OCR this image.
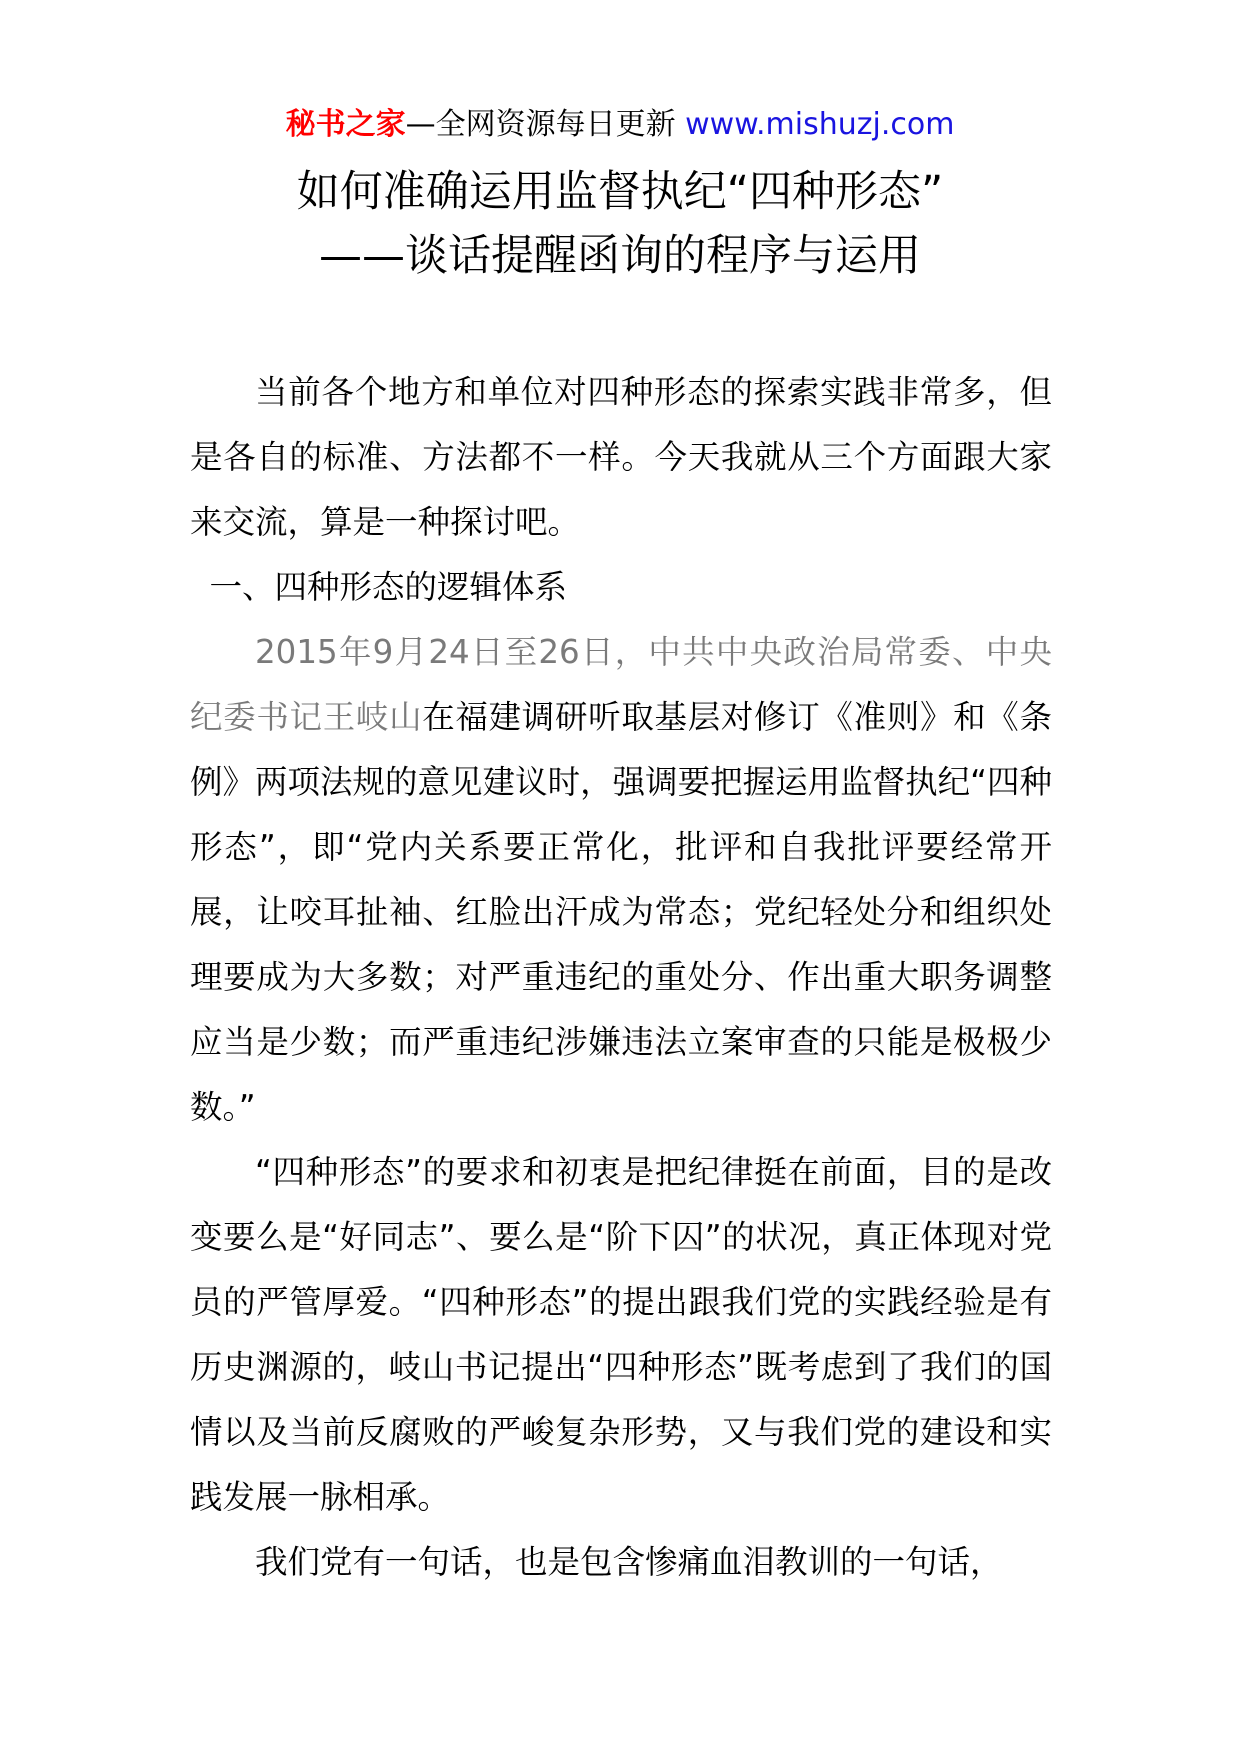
秘书之家—全网资源每日更新 www.mishuzj.com
如何准确运用监督执纪“四种形态”
——谈话提醒函询的程序与运用

当前各个地方和单位对四种形态的探索实践非常多，但是各自的标准、方法都不一样。今天我就从三个方面跟大家来交流，算是一种探讨吧。

一、四种形态的逻辑体系

2015年9月24日至26日，中共中央政治局常委、中央纪委书记王岐山在福建调研听取基层对修订《准则》和《条例》两项法规的意见建议时，强调要把握运用监督执纪“四种形态”，即“党内关系要正常化，批评和自我批评要经常开展，让咬耳扯袖、红脸出汗成为常态；党纪轻处分和组织处理要成为大多数；对严重违纪的重处分、作出重大职务调整应当是少数；而严重违纪涉嫌违法立案审查的只能是极极少数。”

“四种形态”的要求和初衷是把纪律挺在前面，目的是改变要么是“好同志”、要么是“阶下囚”的状况，真正体现对党员的严管厚爱。“四种形态”的提出跟我们党的实践经验是有历史渊源的，岐山书记提出“四种形态”既考虑到了我们的国情以及当前反腐败的严峻复杂形势，又与我们党的建设和实践发展一脉相承。

我们党有一句话，也是包含惨痛血泪教训的一句话，
